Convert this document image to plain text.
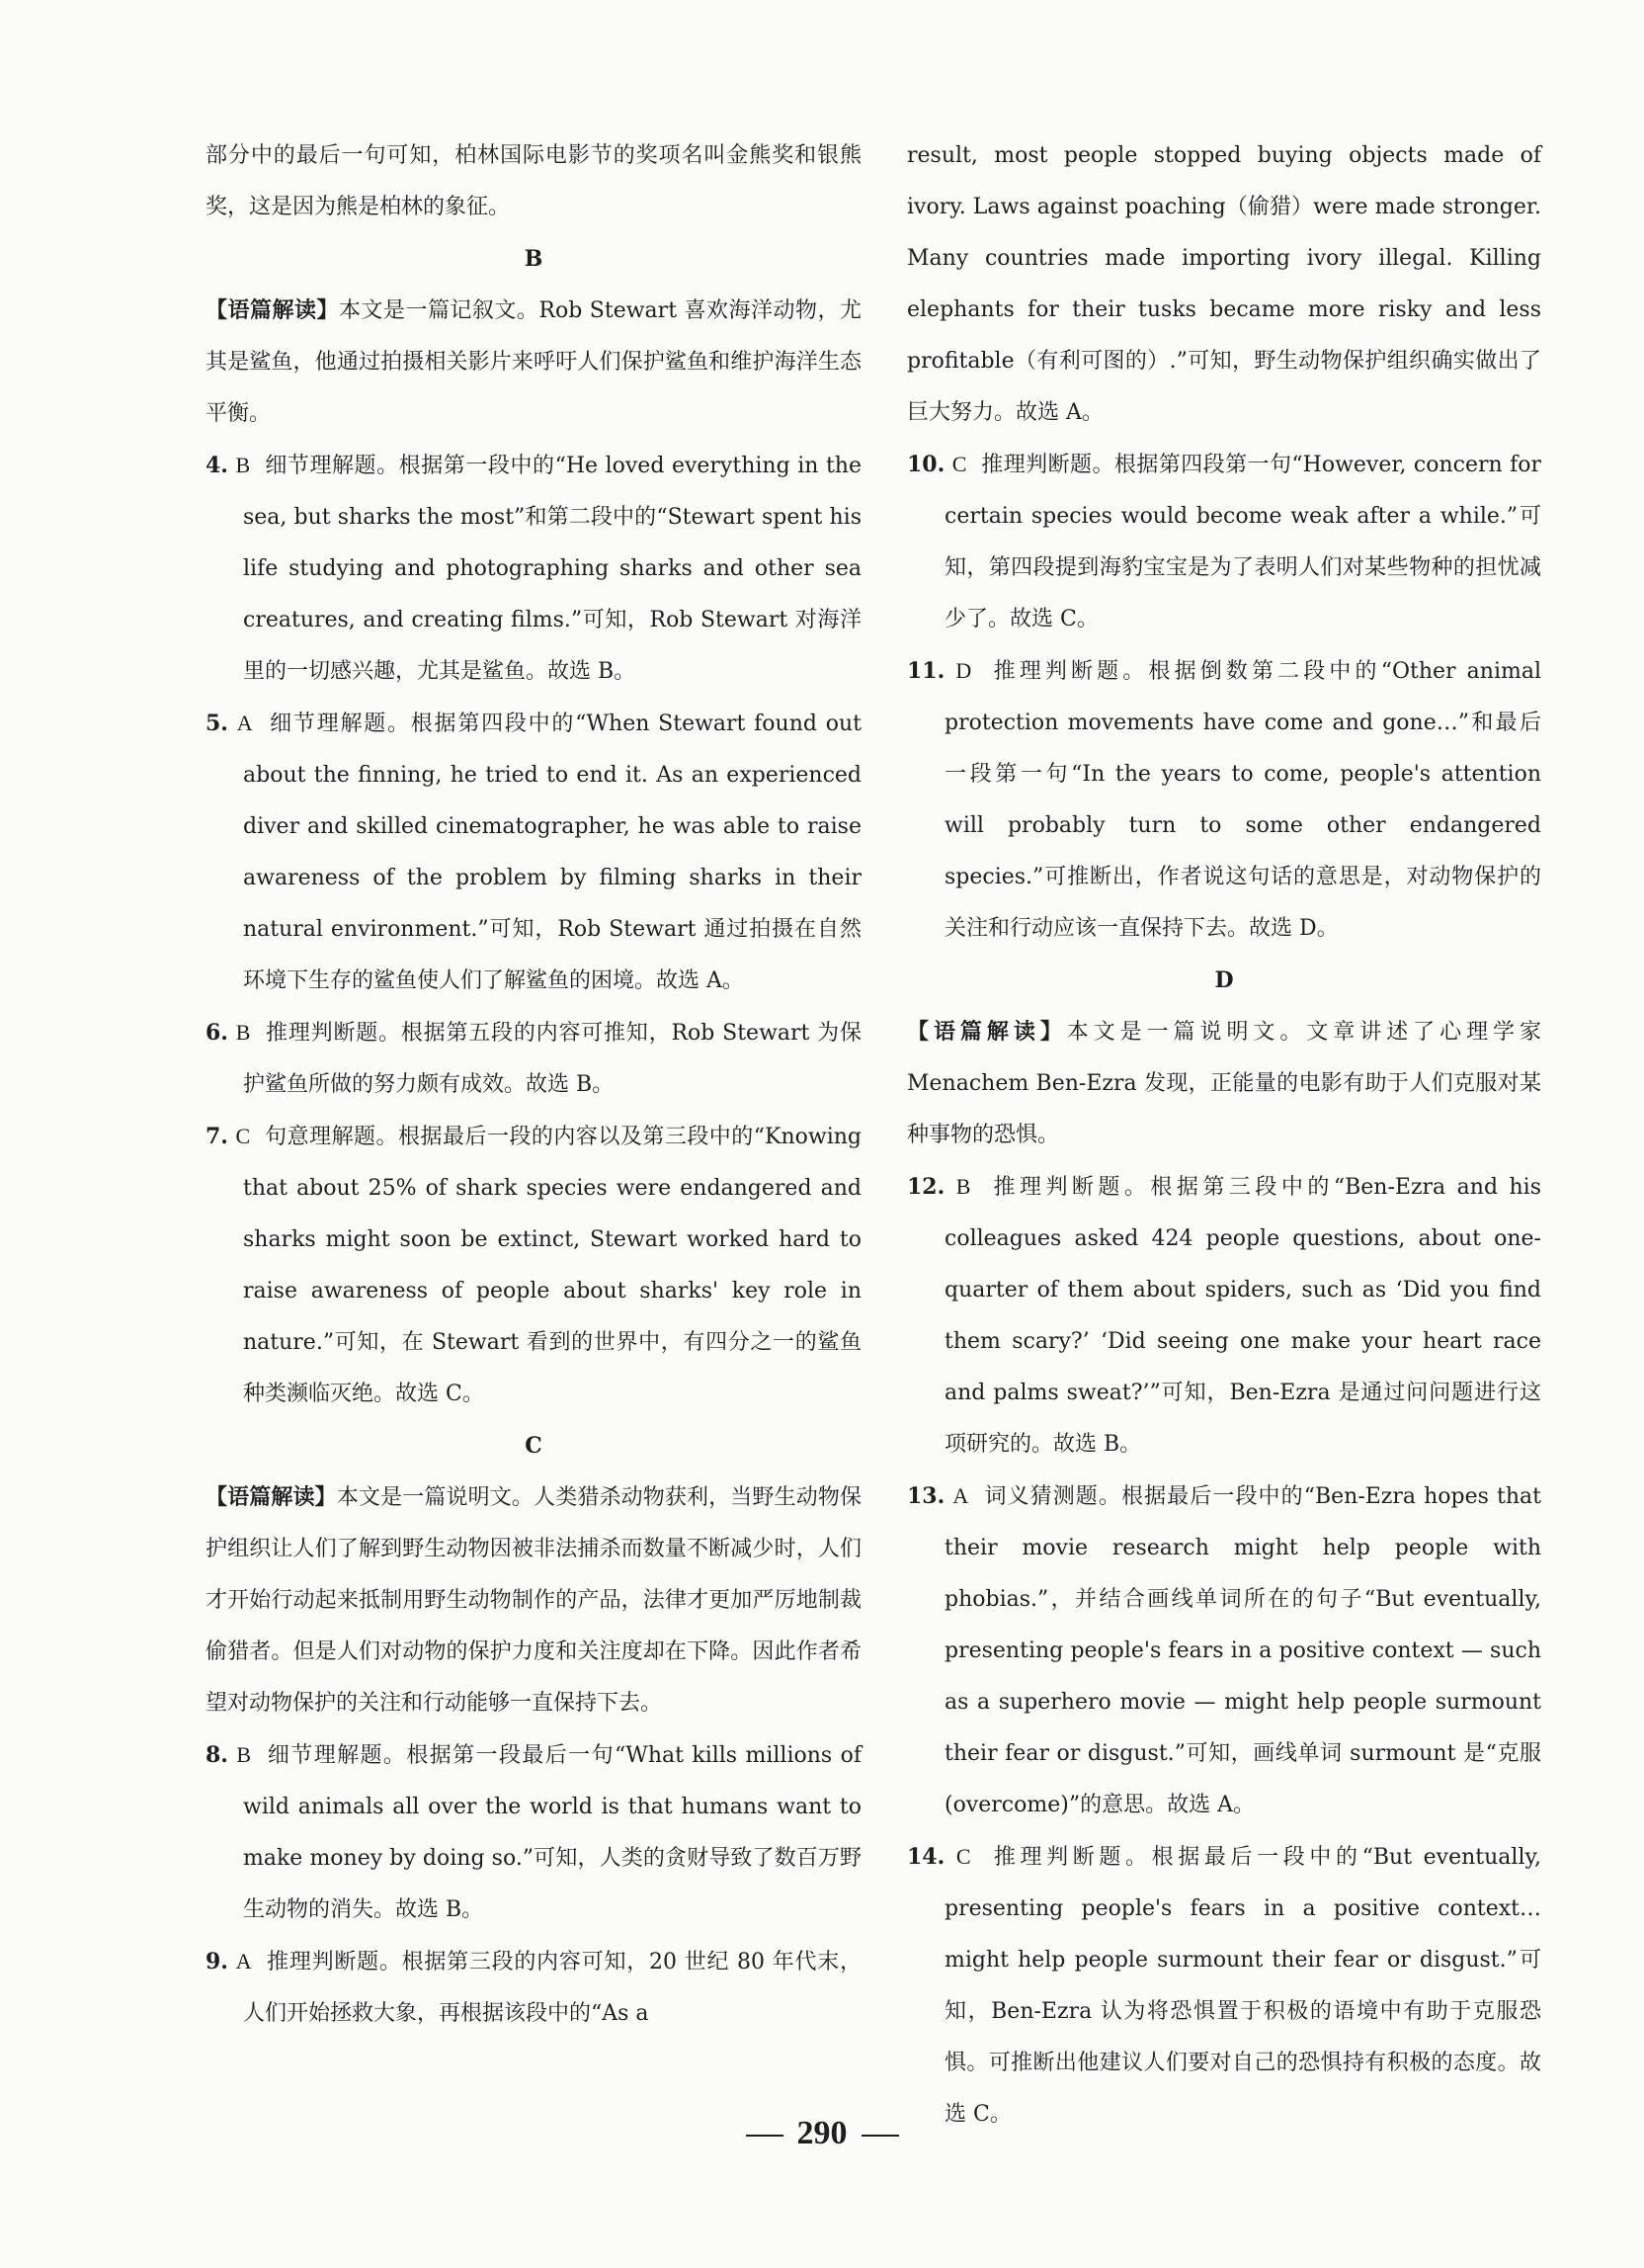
部分中的最后一句可知，柏林国际电影节的奖项名叫金熊奖和银熊奖，这是因为熊是柏林的象征。

B

【语篇解读】本文是一篇记叙文。Rob Stewart 喜欢海洋动物，尤其是鲨鱼，他通过拍摄相关影片来呼吁人们保护鲨鱼和维护海洋生态平衡。

4. B 细节理解题。根据第一段中的“He loved everything in the sea, but sharks the most”和第二段中的“Stewart spent his life studying and photographing sharks and other sea creatures, and creating films.”可知，Rob Stewart 对海洋里的一切感兴趣，尤其是鲨鱼。故选 B。

5. A 细节理解题。根据第四段中的“When Stewart found out about the finning, he tried to end it. As an experienced diver and skilled cinematographer, he was able to raise awareness of the problem by filming sharks in their natural environment.”可知，Rob Stewart 通过拍摄在自然环境下生存的鲨鱼使人们了解鲨鱼的困境。故选 A。

6. B 推理判断题。根据第五段的内容可推知，Rob Stewart 为保护鲨鱼所做的努力颇有成效。故选 B。

7. C 句意理解题。根据最后一段的内容以及第三段中的“Knowing that about 25% of shark species were endangered and sharks might soon be extinct, Stewart worked hard to raise awareness of people about sharks' key role in nature.”可知，在 Stewart 看到的世界中，有四分之一的鲨鱼种类濒临灭绝。故选 C。

C

【语篇解读】本文是一篇说明文。人类猎杀动物获利，当野生动物保护组织让人们了解到野生动物因被非法捕杀而数量不断减少时，人们才开始行动起来抵制用野生动物制作的产品，法律才更加严厉地制裁偷猎者。但是人们对动物的保护力度和关注度却在下降。因此作者希望对动物保护的关注和行动能够一直保持下去。

8. B 细节理解题。根据第一段最后一句“What kills millions of wild animals all over the world is that humans want to make money by doing so.”可知，人类的贪财导致了数百万野生动物的消失。故选 B。

9. A 推理判断题。根据第三段的内容可知，20 世纪 80 年代末，人们开始拯救大象，再根据该段中的“As a

result, most people stopped buying objects made of ivory. Laws against poaching（偷猎）were made stronger. Many countries made importing ivory illegal. Killing elephants for their tusks became more risky and less profitable（有利可图的）.”可知，野生动物保护组织确实做出了巨大努力。故选 A。

10. C 推理判断题。根据第四段第一句“However, concern for certain species would become weak after a while.”可知，第四段提到海豹宝宝是为了表明人们对某些物种的担忧减少了。故选 C。

11. D 推理判断题。根据倒数第二段中的“Other animal protection movements have come and gone…”和最后一段第一句“In the years to come, people's attention will probably turn to some other endangered species.”可推断出，作者说这句话的意思是，对动物保护的关注和行动应该一直保持下去。故选 D。

D

【语篇解读】本文是一篇说明文。文章讲述了心理学家 Menachem Ben-Ezra 发现，正能量的电影有助于人们克服对某种事物的恐惧。

12. B 推理判断题。根据第三段中的“Ben-Ezra and his colleagues asked 424 people questions, about one-quarter of them about spiders, such as ‘Did you find them scary?’ ‘Did seeing one make your heart race and palms sweat?’”可知，Ben-Ezra 是通过问问题进行这项研究的。故选 B。

13. A 词义猜测题。根据最后一段中的“Ben-Ezra hopes that their movie research might help people with phobias.”，并结合画线单词所在的句子“But eventually, presenting people's fears in a positive context — such as a superhero movie — might help people surmount their fear or disgust.”可知，画线单词 surmount 是“克服(overcome)”的意思。故选 A。

14. C 推理判断题。根据最后一段中的“But eventually, presenting people's fears in a positive context… might help people surmount their fear or disgust.”可知，Ben-Ezra 认为将恐惧置于积极的语境中有助于克服恐惧。可推断出他建议人们要对自己的恐惧持有积极的态度。故选 C。

290
